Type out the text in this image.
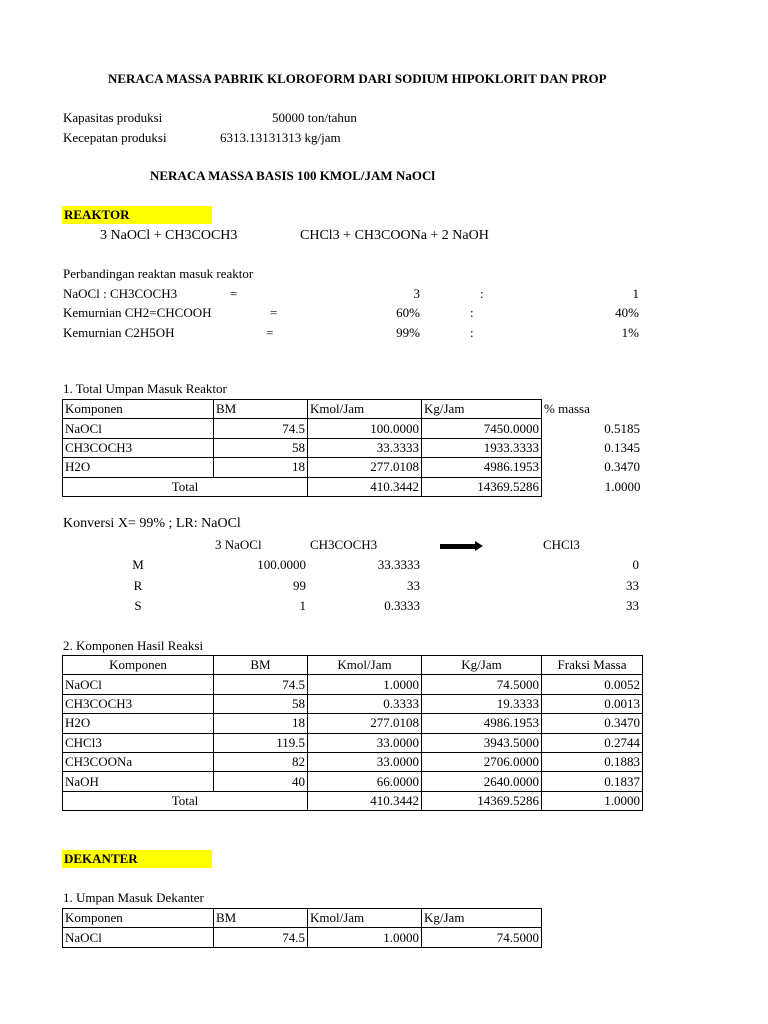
NERACA MASSA PABRIK KLOROFORM DARI SODIUM HIPOKLORIT DAN PROP
Kapasitas produksi	50000 ton/tahun
Kecepatan produksi	6313.13131313 kg/jam
NERACA MASSA BASIS 100 KMOL/JAM NaOCl
REAKTOR
3 NaOCl + CH3COCH3	CHCl3 + CH3COONa + 2 NaOH
Perbandingan reaktan masuk reaktor
NaOCl : CH3COCH3	=	3	:	1
Kemurnian CH2=CHCOOH	=	60%	:	40%
Kemurnian C2H5OH	=	99%	:	1%
1. Total Umpan Masuk Reaktor
Komponen	BM	Kmol/Jam	Kg/Jam	% massa
NaOCl	74.5	100.0000	7450.0000	0.5185
CH3COCH3	58	33.3333	1933.3333	0.1345
H2O	18	277.0108	4986.1953	0.3470
Total		410.3442	14369.5286	1.0000
Konversi X= 99% ; LR: NaOCl
3 NaOCl	CH3COCH3	CHCl3
M	100.0000	33.3333	0
R	99	33	33
S	1	0.3333	33
2. Komponen Hasil Reaksi
Komponen	BM	Kmol/Jam	Kg/Jam	Fraksi Massa
NaOCl	74.5	1.0000	74.5000	0.0052
CH3COCH3	58	0.3333	19.3333	0.0013
H2O	18	277.0108	4986.1953	0.3470
CHCl3	119.5	33.0000	3943.5000	0.2744
CH3COONa	82	33.0000	2706.0000	0.1883
NaOH	40	66.0000	2640.0000	0.1837
Total		410.3442	14369.5286	1.0000
DEKANTER
1. Umpan Masuk Dekanter
Komponen	BM	Kmol/Jam	Kg/Jam
NaOCl	74.5	1.0000	74.5000
